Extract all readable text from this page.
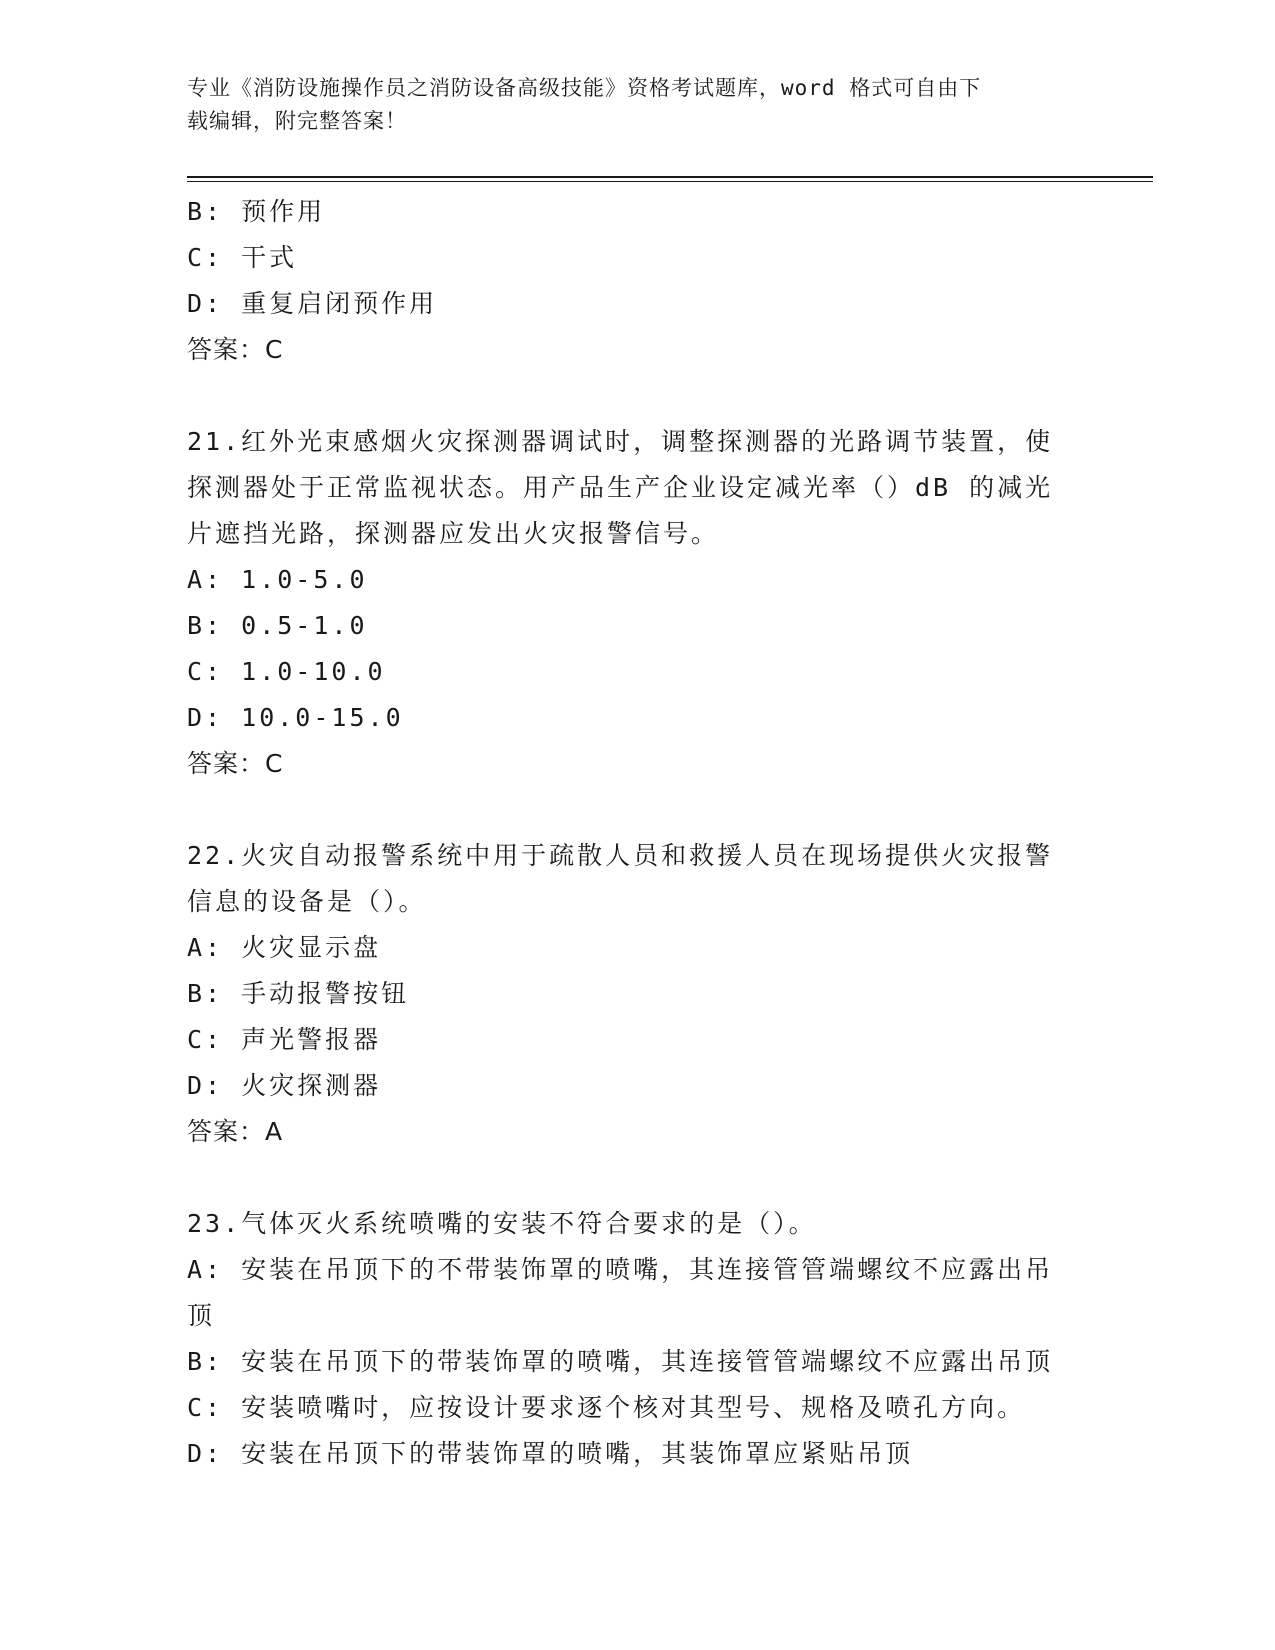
专业《消防设施操作员之消防设备高级技能》资格考试题库，word 格式可自由下
载编辑，附完整答案！
B: 预作用
C: 干式
D: 重复启闭预作用
答案：C
21.红外光束感烟火灾探测器调试时，调整探测器的光路调节装置，使
探测器处于正常监视状态。用产品生产企业设定减光率（）dB 的减光
片遮挡光路，探测器应发出火灾报警信号。
A: 1.0-5.0
B: 0.5-1.0
C: 1.0-10.0
D: 10.0-15.0
答案：C
22.火灾自动报警系统中用于疏散人员和救援人员在现场提供火灾报警
信息的设备是（）。
A: 火灾显示盘
B: 手动报警按钮
C: 声光警报器
D: 火灾探测器
答案：A
23.气体灭火系统喷嘴的安装不符合要求的是（）。
A: 安装在吊顶下的不带装饰罩的喷嘴，其连接管管端螺纹不应露出吊
顶
B: 安装在吊顶下的带装饰罩的喷嘴，其连接管管端螺纹不应露出吊顶
C: 安装喷嘴吋，应按设计要求逐个核对其型号、规格及喷孔方向。
D: 安装在吊顶下的带装饰罩的喷嘴，其装饰罩应紧贴吊顶
